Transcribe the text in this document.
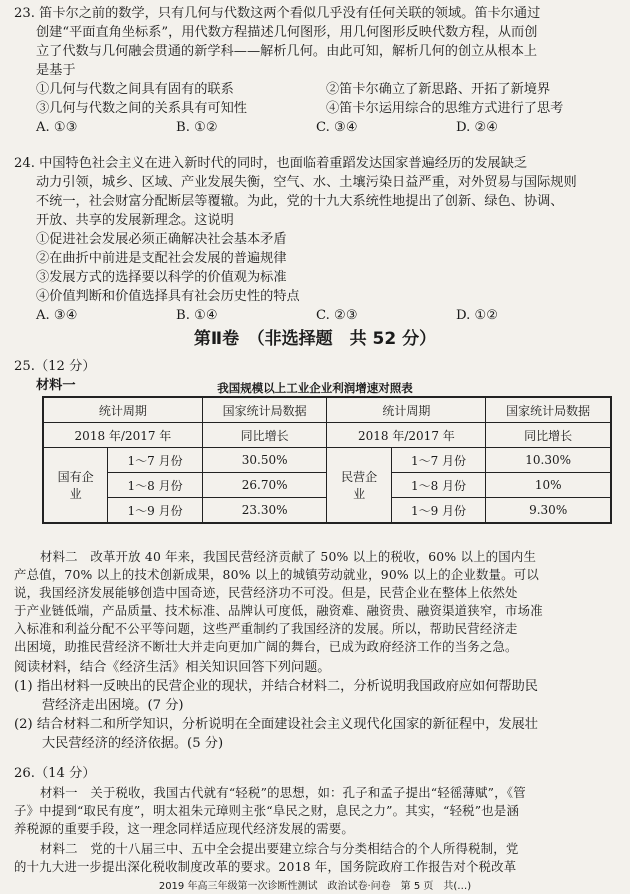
23. 笛卡尔之前的数学，只有几何与代数这两个看似几乎没有任何关联的领域。笛卡尔通过

创建“平面直角坐标系”，用代数方程描述几何图形，用几何图形反映代数方程，从而创

立了代数与几何融会贯通的新学科——解析几何。由此可知，解析几何的创立从根本上

是基于

①几何与代数之间具有固有的联系	②笛卡尔确立了新思路、开拓了新境界
③几何与代数之间的关系具有可知性	④笛卡尔运用综合的思维方式进行了思考
A. ①③	B. ①②	C. ③④	D. ②④

24. 中国特色社会主义在进入新时代的同时，也面临着重蹈发达国家普遍经历的发展缺乏

动力引领，城乡、区域、产业发展失衡，空气、水、土壤污染日益严重，对外贸易与国际规则

不统一，社会财富分配断层等覆辙。为此，党的十九大系统性地提出了创新、绿色、协调、

开放、共享的发展新理念。这说明

①促进社会发展必须正确解决社会基本矛盾

②在曲折中前进是支配社会发展的普遍规律

③发展方式的选择要以科学的价值观为标准

④价值判断和价值选择具有社会历史性的特点

A. ③④	B. ①④	C. ②③	D. ①②
第Ⅱ卷　（非选择题　共 52 分）
25.（12 分）
材料一	我国规模以上工业企业利润增速对照表
统计周期		国家统计局数据	统计周期		国家统计局数据
2018 年/2017 年		同比增长	2018 年/2017 年		同比增长
国有企业	1～7 月份	30.50%	民营企业	1～7 月份	10.30%
	1～8 月份	26.70%		1～8 月份	10%
	1～9 月份	23.30%		1～9 月份	9.30%

材料二　改革开放 40 年来，我国民营经济贡献了 50% 以上的税收，60% 以上的国内生

产总值，70% 以上的技术创新成果，80% 以上的城镇劳动就业，90% 以上的企业数量。可以

说，我国经济发展能够创造中国奇迹，民营经济功不可没。但是，民营企业在整体上依然处

于产业链低端，产品质量、技术标准、品牌认可度低，融资难、融资贵、融资渠道狭窄，市场准

入标准和利益分配不公平等问题，这些严重制约了我国经济的发展。所以，帮助民营经济走

出困境，助推民营经济不断壮大并走向更加广阔的舞台，已成为政府经济工作的当务之急。

阅读材料，结合《经济生活》相关知识回答下列问题。

(1) 指出材料一反映出的民营企业的现状，并结合材料二，分析说明我国政府应如何帮助民

营经济走出困境。(7 分)

(2) 结合材料二和所学知识，分析说明在全面建设社会主义现代化国家的新征程中，发展壮

大民营经济的经济依据。(5 分)

26.（14 分）

材料一　关于税收，我国古代就有“轻税”的思想，如：孔子和孟子提出“轻徭薄赋”，《管

子》中提到“取民有度”，明太祖朱元璋则主张“阜民之财，息民之力”。其实，“轻税”也是涵

养税源的重要手段，这一理念同样适应现代经济发展的需要。

材料二　党的十八届三中、五中全会提出要建立综合与分类相结合的个人所得税制，党

的十九大进一步提出深化税收制度改革的要求。2018 年，国务院政府工作报告对个税改革

2019 年高三年级第一次诊断性测试　政治试卷·问卷　第 5 页　共(…)
